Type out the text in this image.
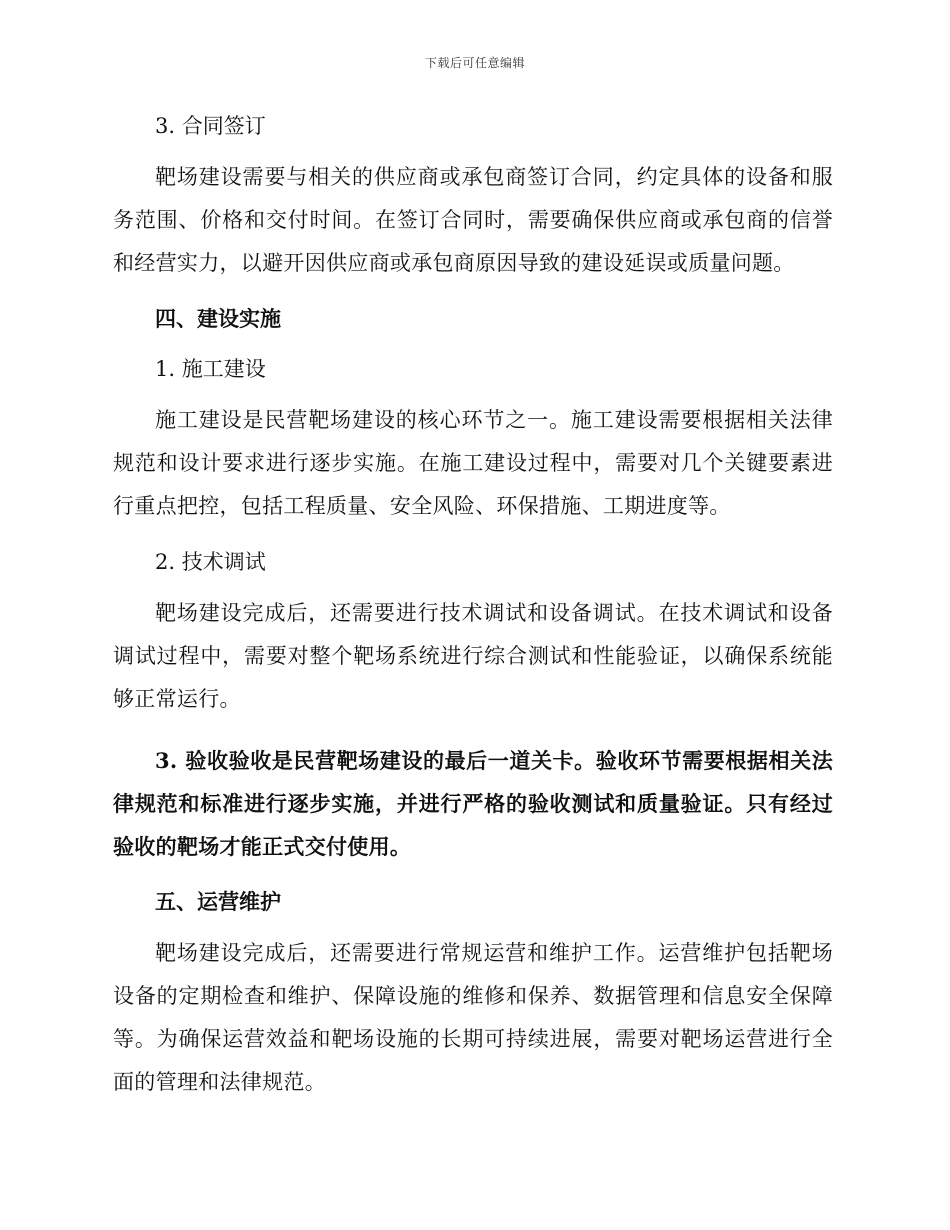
下载后可任意编辑
3. 合同签订

靶场建设需要与相关的供应商或承包商签订合同，约定具体的设备和服务范围、价格和交付时间。在签订合同时，需要确保供应商或承包商的信誉和经营实力，以避开因供应商或承包商原因导致的建设延误或质量问题。

四、建设实施
1. 施工建设

施工建设是民营靶场建设的核心环节之一。施工建设需要根据相关法律规范和设计要求进行逐步实施。在施工建设过程中，需要对几个关键要素进行重点把控，包括工程质量、安全风险、环保措施、工期进度等。

2. 技术调试

靶场建设完成后，还需要进行技术调试和设备调试。在技术调试和设备调试过程中，需要对整个靶场系统进行综合测试和性能验证，以确保系统能够正常运行。

3. 验收验收是民营靶场建设的最后一道关卡。验收环节需要根据相关法律规范和标准进行逐步实施，并进行严格的验收测试和质量验证。只有经过验收的靶场才能正式交付使用。

五、运营维护

靶场建设完成后，还需要进行常规运营和维护工作。运营维护包括靶场设备的定期检查和维护、保障设施的维修和保养、数据管理和信息安全保障等。为确保运营效益和靶场设施的长期可持续进展，需要对靶场运营进行全面的管理和法律规范。
